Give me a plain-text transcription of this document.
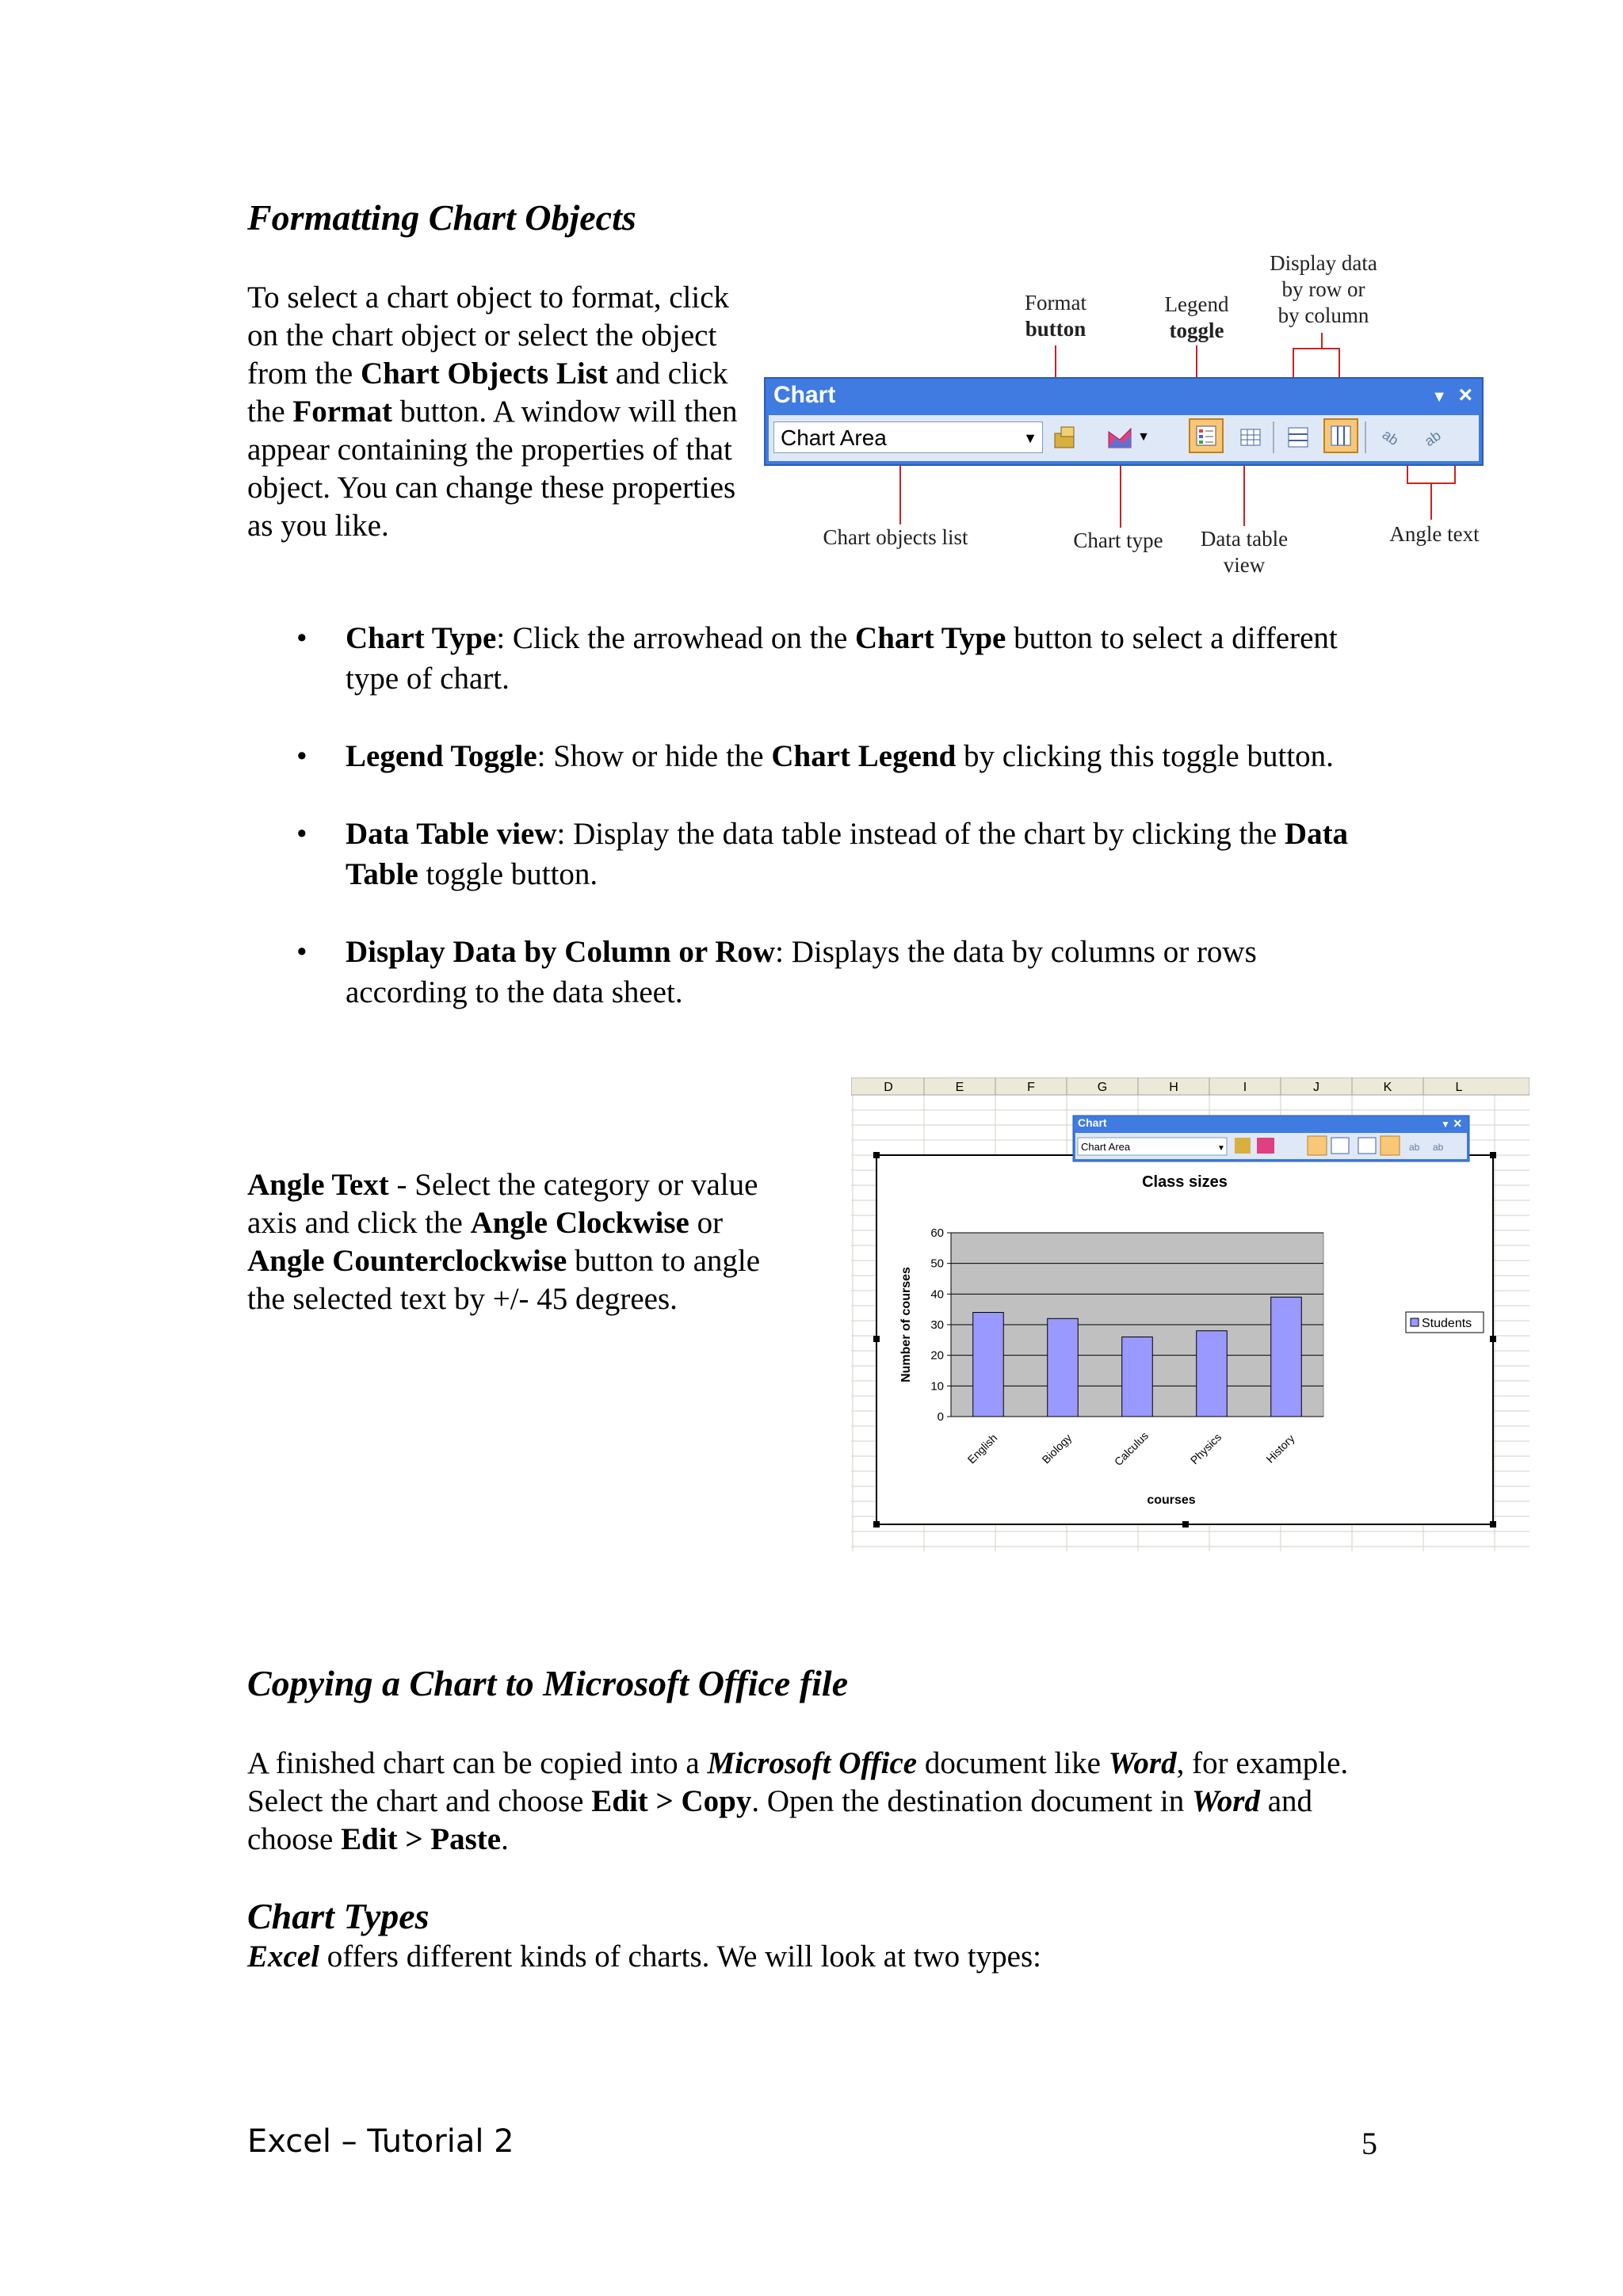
Formatting Chart Objects
To select a chart object to format, click on the chart object or select the object from the Chart Objects List and click the Format button. A window will then appear containing the properties of that object. You can change these properties as you like.
Format
button
Legend
toggle
Display data
by row or
by column
Chart objects list	Chart type	Data table
view
Angle text
Chart	▼ ×
Chart Area	▼	▼	ab ab
• Chart Type: Click the arrowhead on the Chart Type button to select a different type of chart.
• Legend Toggle: Show or hide the Chart Legend by clicking this toggle button.
• Data Table view: Display the data table instead of the chart by clicking the Data Table toggle button.
• Display Data by Column or Row: Displays the data by columns or rows according to the data sheet.
Angle Text - Select the category or value axis and click the Angle Clockwise or Angle Counterclockwise button to angle the selected text by +/- 45 degrees.
D	E	F	G	H	I	J	K	L
Class sizes
0
10
20
30
40
50
60
English	Biology	Calculus	Physics	History
Number of courses
courses
Students
Chart	▼ ×
Chart Area	▼	ab ab
Copying a Chart to Microsoft Office file
A finished chart can be copied into a Microsoft Office document like Word, for example. Select the chart and choose Edit > Copy. Open the destination document in Word and choose Edit > Paste.
Chart Types
Excel offers different kinds of charts. We will look at two types:
Excel – Tutorial 2	5
